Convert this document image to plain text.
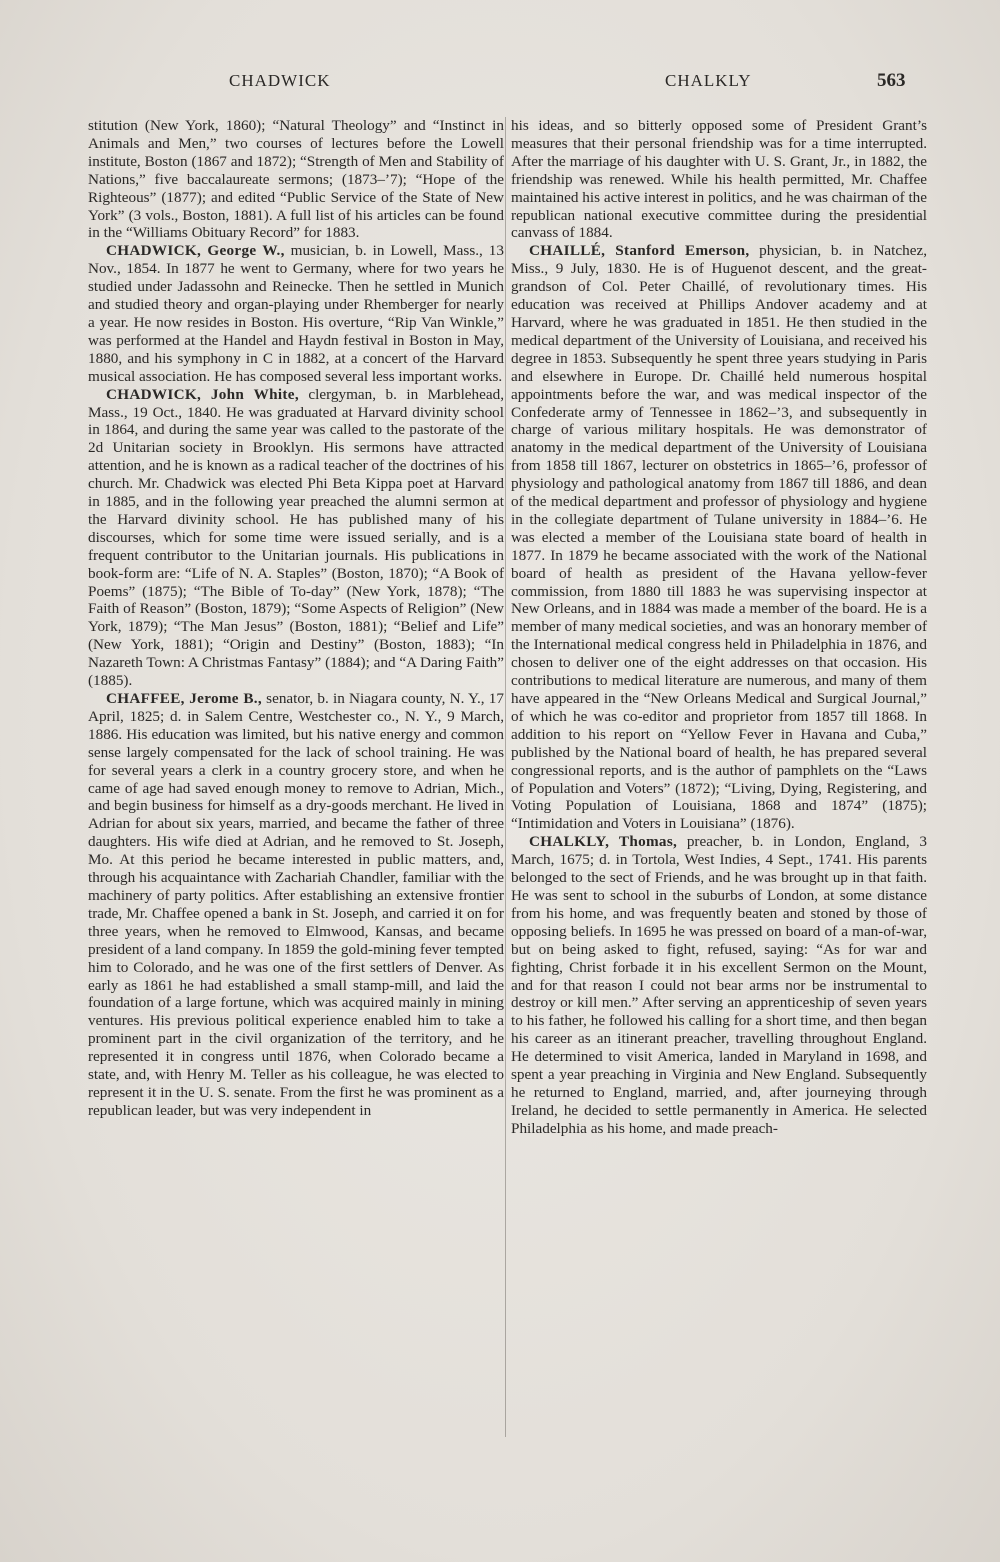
CHADWICK	CHALKLY	563

stitution (New York, 1860); “Natural Theology” and “Instinct in Animals and Men,” two courses of lectures before the Lowell institute, Boston (1867 and 1872); “Strength of Men and Stability of Nations,” five baccalaureate sermons; (1873–’7); “Hope of the Righteous” (1877); and edited “Public Service of the State of New York” (3 vols., Boston, 1881). A full list of his articles can be found in the “Williams Obituary Record” for 1883.

CHADWICK, George W., musician, b. in Lowell, Mass., 13 Nov., 1854. In 1877 he went to Germany, where for two years he studied under Jadassohn and Reinecke. Then he settled in Munich and studied theory and organ-playing under Rhemberger for nearly a year. He now resides in Boston. His overture, “Rip Van Winkle,” was performed at the Handel and Haydn festival in Boston in May, 1880, and his symphony in C in 1882, at a concert of the Harvard musical association. He has composed several less important works.

CHADWICK, John White, clergyman, b. in Marblehead, Mass., 19 Oct., 1840. He was graduated at Harvard divinity school in 1864, and during the same year was called to the pastorate of the 2d Unitarian society in Brooklyn. His sermons have attracted attention, and he is known as a radical teacher of the doctrines of his church. Mr. Chadwick was elected Phi Beta Kippa poet at Harvard in 1885, and in the following year preached the alumni sermon at the Harvard divinity school. He has published many of his discourses, which for some time were issued serially, and is a frequent contributor to the Unitarian journals. His publications in book-form are: “Life of N. A. Staples” (Boston, 1870); “A Book of Poems” (1875); “The Bible of To-day” (New York, 1878); “The Faith of Reason” (Boston, 1879); “Some Aspects of Religion” (New York, 1879); “The Man Jesus” (Boston, 1881); “Belief and Life” (New York, 1881); “Origin and Destiny” (Boston, 1883); “In Nazareth Town: A Christmas Fantasy” (1884); and “A Daring Faith” (1885).

CHAFFEE, Jerome B., senator, b. in Niagara county, N. Y., 17 April, 1825; d. in Salem Centre, Westchester co., N. Y., 9 March, 1886. His education was limited, but his native energy and common sense largely compensated for the lack of school training. He was for several years a clerk in a country grocery store, and when he came of age had saved enough money to remove to Adrian, Mich., and begin business for himself as a dry-goods merchant. He lived in Adrian for about six years, married, and became the father of three daughters. His wife died at Adrian, and he removed to St. Joseph, Mo. At this period he became interested in public matters, and, through his acquaintance with Zachariah Chandler, familiar with the machinery of party politics. After establishing an extensive frontier trade, Mr. Chaffee opened a bank in St. Joseph, and carried it on for three years, when he removed to Elmwood, Kansas, and became president of a land company. In 1859 the gold-mining fever tempted him to Colorado, and he was one of the first settlers of Denver. As early as 1861 he had established a small stamp-mill, and laid the foundation of a large fortune, which was acquired mainly in mining ventures. His previous political experience enabled him to take a prominent part in the civil organization of the territory, and he represented it in congress until 1876, when Colorado became a state, and, with Henry M. Teller as his colleague, he was elected to represent it in the U. S. senate. From the first he was prominent as a republican leader, but was very independent in

his ideas, and so bitterly opposed some of President Grant’s measures that their personal friendship was for a time interrupted. After the marriage of his daughter with U. S. Grant, Jr., in 1882, the friendship was renewed. While his health permitted, Mr. Chaffee maintained his active interest in politics, and he was chairman of the republican national executive committee during the presidential canvass of 1884.

CHAILLÉ, Stanford Emerson, physician, b. in Natchez, Miss., 9 July, 1830. He is of Huguenot descent, and the great-grandson of Col. Peter Chaillé, of revolutionary times. His education was received at Phillips Andover academy and at Harvard, where he was graduated in 1851. He then studied in the medical department of the University of Louisiana, and received his degree in 1853. Subsequently he spent three years studying in Paris and elsewhere in Europe. Dr. Chaillé held numerous hospital appointments before the war, and was medical inspector of the Confederate army of Tennessee in 1862–’3, and subsequently in charge of various military hospitals. He was demonstrator of anatomy in the medical department of the University of Louisiana from 1858 till 1867, lecturer on obstetrics in 1865–’6, professor of physiology and pathological anatomy from 1867 till 1886, and dean of the medical department and professor of physiology and hygiene in the collegiate department of Tulane university in 1884–’6. He was elected a member of the Louisiana state board of health in 1877. In 1879 he became associated with the work of the National board of health as president of the Havana yellow-fever commission, from 1880 till 1883 he was supervising inspector at New Orleans, and in 1884 was made a member of the board. He is a member of many medical societies, and was an honorary member of the International medical congress held in Philadelphia in 1876, and chosen to deliver one of the eight addresses on that occasion. His contributions to medical literature are numerous, and many of them have appeared in the “New Orleans Medical and Surgical Journal,” of which he was co-editor and proprietor from 1857 till 1868. In addition to his report on “Yellow Fever in Havana and Cuba,” published by the National board of health, he has prepared several congressional reports, and is the author of pamphlets on the “Laws of Population and Voters” (1872); “Living, Dying, Registering, and Voting Population of Louisiana, 1868 and 1874” (1875); “Intimidation and Voters in Louisiana” (1876).

CHALKLY, Thomas, preacher, b. in London, England, 3 March, 1675; d. in Tortola, West Indies, 4 Sept., 1741. His parents belonged to the sect of Friends, and he was brought up in that faith. He was sent to school in the suburbs of London, at some distance from his home, and was frequently beaten and stoned by those of opposing beliefs. In 1695 he was pressed on board of a man-of-war, but on being asked to fight, refused, saying: “As for war and fighting, Christ forbade it in his excellent Sermon on the Mount, and for that reason I could not bear arms nor be instrumental to destroy or kill men.” After serving an apprenticeship of seven years to his father, he followed his calling for a short time, and then began his career as an itinerant preacher, travelling throughout England. He determined to visit America, landed in Maryland in 1698, and spent a year preaching in Virginia and New England. Subsequently he returned to England, married, and, after journeying through Ireland, he decided to settle permanently in America. He selected Philadelphia as his home, and made preach-
